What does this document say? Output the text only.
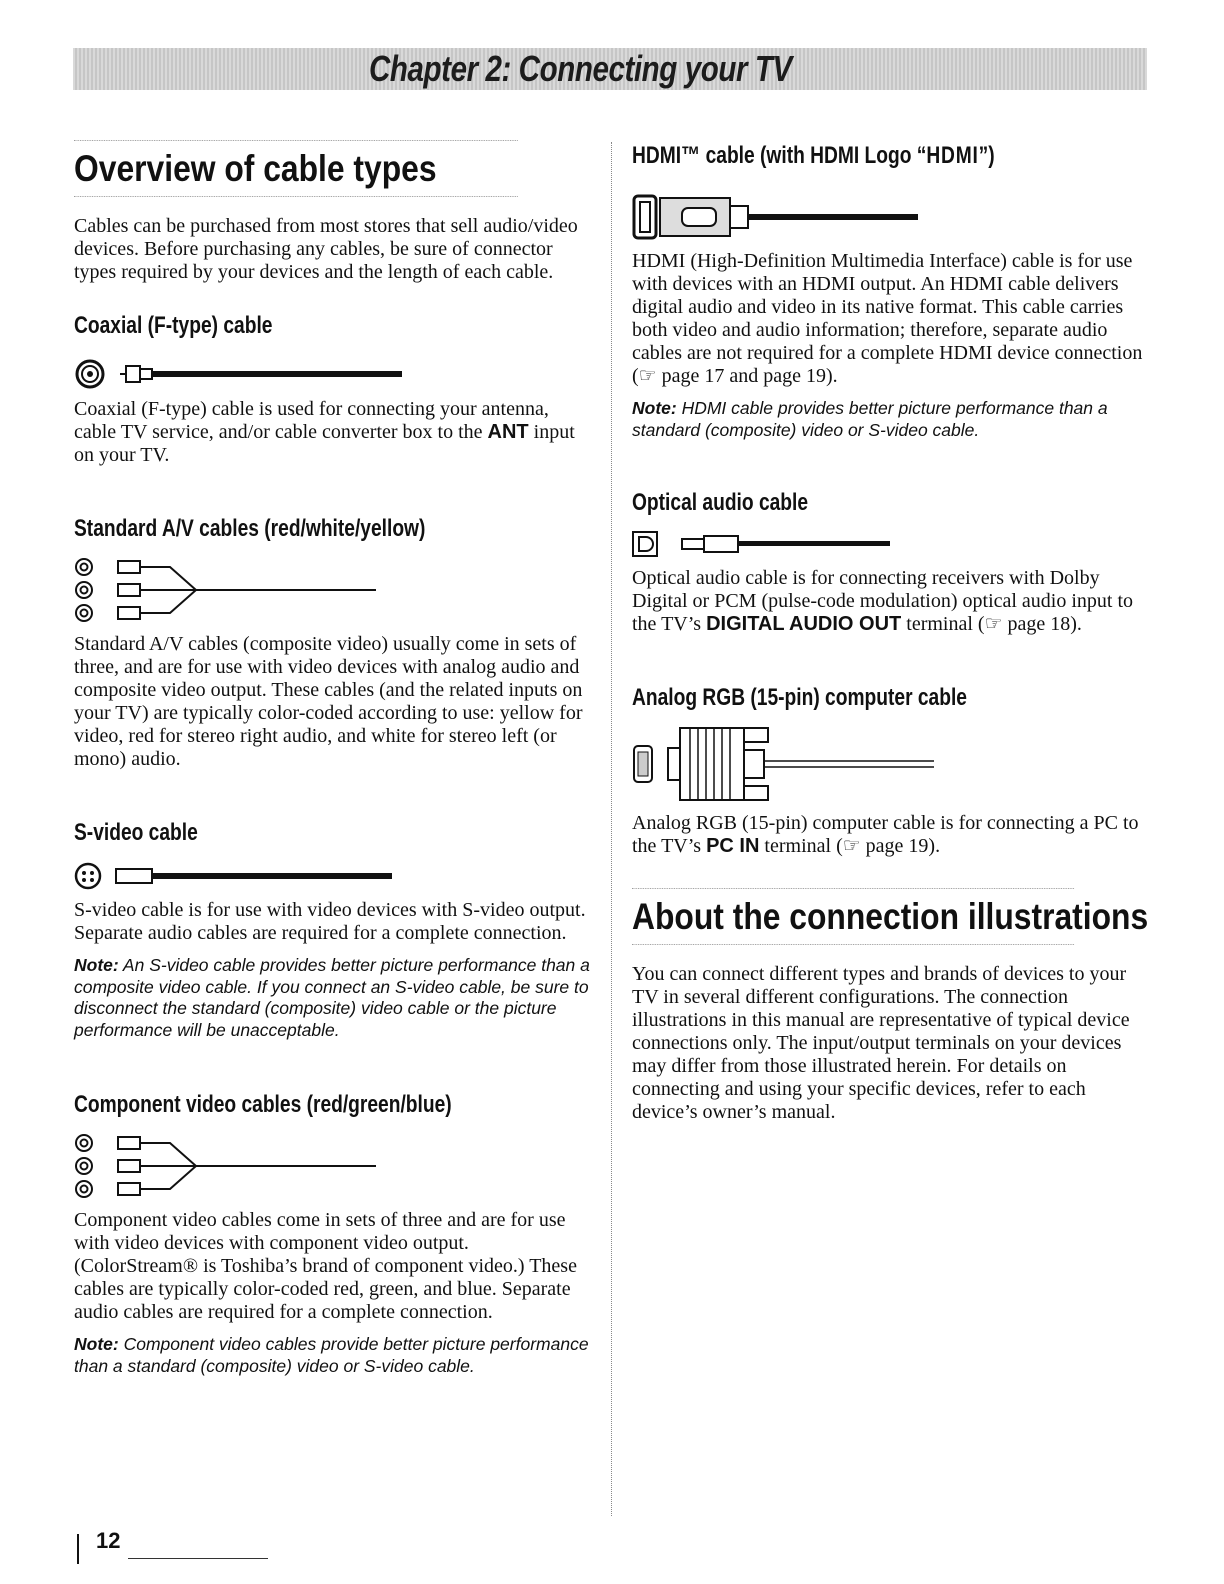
Chapter 2: Connecting your TV
Overview of cable types

Cables can be purchased from most stores that sell audio/video devices. Before purchasing any cables, be sure of connector types required by your devices and the length of each cable.

Coaxial (F-type) cable

Coaxial (F-type) cable is used for connecting your antenna, cable TV service, and/or cable converter box to the ANT input on your TV.

Standard A/V cables (red/white/yellow)

Standard A/V cables (composite video) usually come in sets of three, and are for use with video devices with analog audio and composite video output. These cables (and the related inputs on your TV) are typically color-coded according to use: yellow for video, red for stereo right audio, and white for stereo left (or mono) audio.

S-video cable

S-video cable is for use with video devices with S-video output. Separate audio cables are required for a complete connection.

Note: An S-video cable provides better picture performance than a composite video cable. If you connect an S-video cable, be sure to disconnect the standard (composite) video cable or the picture performance will be unacceptable.

Component video cables (red/green/blue)

Component video cables come in sets of three and are for use with video devices with component video output. (ColorStream® is Toshiba’s brand of component video.) These cables are typically color-coded red, green, and blue. Separate audio cables are required for a complete connection.

Note: Component video cables provide better picture performance than a standard (composite) video or S-video cable.

HDMI™ cable (with HDMI Logo “HDMI”)

HDMI (High-Definition Multimedia Interface) cable is for use with devices with an HDMI output. An HDMI cable delivers digital audio and video in its native format. This cable carries both video and audio information; therefore, separate audio cables are not required for a complete HDMI device connection (☞ page 17 and page 19).

Note: HDMI cable provides better picture performance than a standard (composite) video or S-video cable.

Optical audio cable

Optical audio cable is for connecting receivers with Dolby Digital or PCM (pulse-code modulation) optical audio input to the TV’s DIGITAL AUDIO OUT terminal (☞ page 18).

Analog RGB (15-pin) computer cable

Analog RGB (15-pin) computer cable is for connecting a PC to the TV’s PC IN terminal (☞ page 19).

About the connection illustrations

You can connect different types and brands of devices to your TV in several different configurations. The connection illustrations in this manual are representative of typical device connections only. The input/output terminals on your devices may differ from those illustrated herein. For details on connecting and using your specific devices, refer to each device’s owner’s manual.

12
